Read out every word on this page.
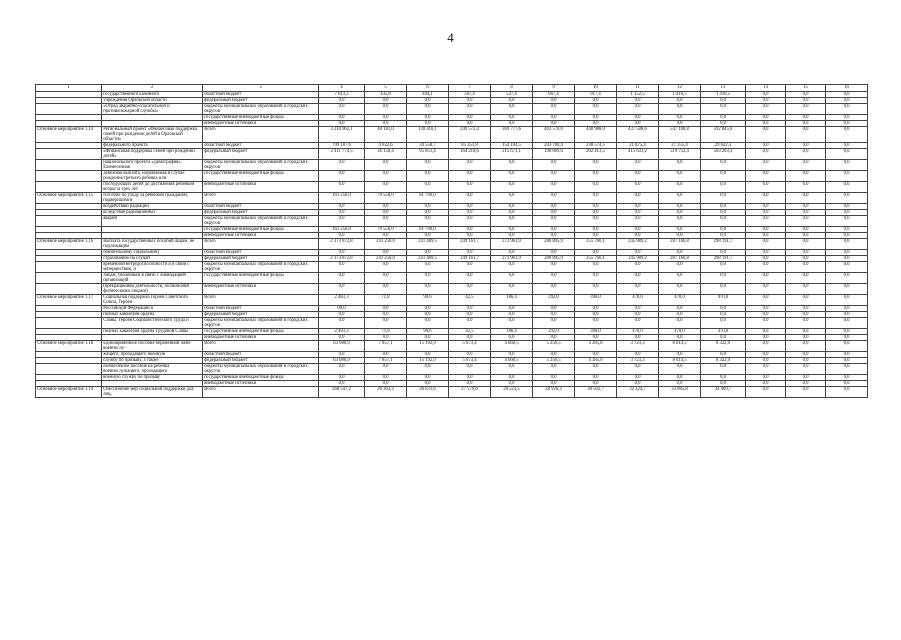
4
1	2	3	4	5	6	7	8	9	10	11	12	13	14	15	16
	государственного казенного	областной бюджет	7 613,2	435,8	494,1	587,4	537,4	667,4	917,4	1 152,5	1 410,5	1 410,5	0,0	0,0	0,0
	учреждения Орловской области	федеральный бюджет	0,0	0,0	0,0	0,0	0,0	0,0	0,0	0,0	0,0	0,0	0,0	0,0	0,0
	«Отряд аварийно-спасательной и противопожарной службы»	бюджеты муниципальных образований и городских округов	0,0	0,0	0,0	0,0	0,0	0,0	0,0	0,0	0,0	0,0	0,0	0,0	0,0
		государственные внебюджетные фонды	0,0	0,0	0,0	0,0	0,0	0,0	0,0	0,0	0,0	0,0	0,0	0,0	0,0
		внебюджетные источники	0,0	0,0	0,0	0,0	0,0	0,0	0,0	0,0	0,0	0,0	0,0	0,0	0,0
Основное мероприятие 1.14	Региональный проект «Финансовая поддержка семей при рождении детей в Орловской области»	Всего	3 210 962,1	40 181,0	130 410,1	249 572,4	369 777,6	402 570,0	440 988,0	437 508,6	547 108,8	592 845,6	0,0	0,0	0,0
	федерального проекта	областной бюджет	799 187,6	4 022,6	34 558,7	85 353,8	154 104,5	203 700,4	238 574,5	21 875,4	27 355,4	29 642,3	0,0	0,0	0,0
	«Финансовая поддержка семей при рождении детей»	федеральный бюджет	2 411 774,5	36 158,4	95 851,4	164 218,6	215 673,1	198 869,6	202 413,5	415 633,2	519 753,4	563 203,3	0,0	0,0	0,0
	национального проекта «Демография». Ежемесячная	бюджеты муниципальных образований и городских округов	0,0	0,0	0,0	0,0	0,0	0,0	0,0	0,0	0,0	0,0	0,0	0,0	0,0
	денежная выплата, назначаемая в случае рождения третьего ребенка или	государственные внебюджетные фонды	0,0	0,0	0,0	0,0	0,0	0,0	0,0	0,0	0,0	0,0	0,0	0,0	0,0
	последующих детей до достижения ребенком возраста трех лет	внебюджетные источники	0,0	0,0	0,0	0,0	0,0	0,0	0,0	0,0	0,0	0,0	0,0	0,0	0,0
Основное мероприятие 1.15	Пособие по уходу за ребенком гражданам, подвергшимся	Всего	161 250,0	79 550,0	81 700,0	0,0	0,0	0,0	0,0	0,0	0,0	0,0	0,0	0,0	0,0
	воздействию радиации	областной бюджет	0,0	0,0	0,0	0,0	0,0	0,0	0,0	0,0	0,0	0,0	0,0	0,0	0,0
	вследствие радиационных	федеральный бюджет	0,0	0,0	0,0	0,0	0,0	0,0	0,0	0,0	0,0	0,0	0,0	0,0	0,0
	аварий	бюджеты муниципальных образований и городских округов	0,0	0,0	0,0	0,0	0,0	0,0	0,0	0,0	0,0	0,0	0,0	0,0	0,0
		государственные внебюджетные фонды	161 250,0	79 550,0	81 700,0	0,0	0,0	0,0	0,0	0,0	0,0	0,0	0,0	0,0	0,0
		внебюджетные источники	0,0	0,0	0,0	0,0	0,0	0,0	0,0	0,0	0,0	0,0	0,0	0,0	0,0
Основное мероприятие 1.16	Выплата государственных пособий лицам, не подлежащим	Всего	2 373 872,8	241 250,0	241 489,5	249 161,7	273 961,9	280 895,9	255 766,1	245 989,2	287 166,8	298 191,7	0,0	0,0	0,0
	обязательному социальному	областной бюджет	0,0	0,0	0,0	0,0	0,0	0,0	0,0	0,0	0,0	0,0	0,0	0,0	0,0
	страхованию на случай	федеральный бюджет	2 373 872,8	241 250,0	241 489,5	249 161,7	273 961,9	280 895,9	255 766,1	245 989,2	287 166,8	298 191,7	0,0	0,0	0,0
	временной нетрудоспособности и в связи с материнством, и	бюджеты муниципальных образований и городских округов	0,0	0,0	0,0	0,0	0,0	0,0	0,0	0,0	0,0	0,0	0,0	0,0	0,0
	лицам, уволенным в связи с ликвидацией организаций	государственные внебюджетные фонды	0,0	0,0	0,0	0,0	0,0	0,0	0,0	0,0	0,0	0,0	0,0	0,0	0,0
	(прекращением деятельности, полномочий физическими лицами)	внебюджетные источники	0,0	0,0	0,0	0,0	0,0	0,0	0,0	0,0	0,0	0,0	0,0	0,0	0,0
Основное мероприятие 1.17	Социальная поддержка Героев Советского Союза, Героев	Всего	2 483,3	71,8	90,6	42,5	186,4	292,0	390,0	470,0	470,0	470,0	0,0	0,0	0,0
	Российской Федерации и	областной бюджет	00,0	0,0	0,0	0,0	0,0	0,0	0,0	0,0	0,0	0,0	0,0	0,0	0,0
	полных кавалеров ордена	федеральный бюджет	0,0	0,0	0,0	0,0	0,0	0,0	0,0	0,0	0,0	0,0	0,0	0,0	0,0
	Славы, Героев Социалистического Труда и	бюджеты муниципальных образований и городских округов	0,0	0,0	0,0	0,0	0,0	0,0	0,0	0,0	0,0	0,0	0,0	0,0	0,0
	полных кавалеров ордена Трудовой Славы	государственные внебюджетные фонды	2 483,3	71,8	90,6	42,5	186,4	292,0	390,0	470,0	470,0	470,0	0,0	0,0	0,0
		внебюджетные источники	0,0	0,0	0,0	0,0	0,0	0,0	0,0	0,0	0,0	0,0	0,0	0,0	0,0
Основное мероприятие 1.18	Единовременное пособие беременной жене военнослу-	Всего	63 086,9	7 857,1	15 192,9	5 673,4	4 660,5	5 256,5	4 385,8	3 723,3	8 014,5	8 322,9	0,0	0,0	0,0
	жащего, проходящего военную	областной бюджет	0,0	0,0	0,0	0,0	0,0	0,0	0,0	0,0	0,0	0,0	0,0	0,0	0,0
	службу по призыву, а также	федеральный бюджет	63 086,9	7 857,1	15 192,9	5 673,4	4 660,5	5 256,5	4 385,8	3 723,3	8 014,5	8 322,9	0,0	0,0	0,0
	ежемесячное пособие на ребенка военнослужащего, проходящего	бюджеты муниципальных образований и городских округов	0,0	0,0	0,0	0,0	0,0	0,0	0,0	0,0	0,0	0,0	0,0	0,0	0,0
	военную службу по призыву	государственные внебюджетные фонды	0,0	0,0	0,0	0,0	0,0	0,0	0,0	0,0	0,0	0,0	0,0	0,0	0,0
		внебюджетные источники	0,0	0,0	0,0	0,0	0,0	0,0	0,0	0,0	0,0	0,0	0,0	0,0	0,0
Основное мероприятие 1.19	Обеспечение мер социальной поддержки для лиц,	Всего	268 547,2	26 363,3	26 831,6	27 579,6	28 523,5	28 926,3	30 502,7	32 324,7	33 085,8	34 409,7	0,0	0,0	0,0
